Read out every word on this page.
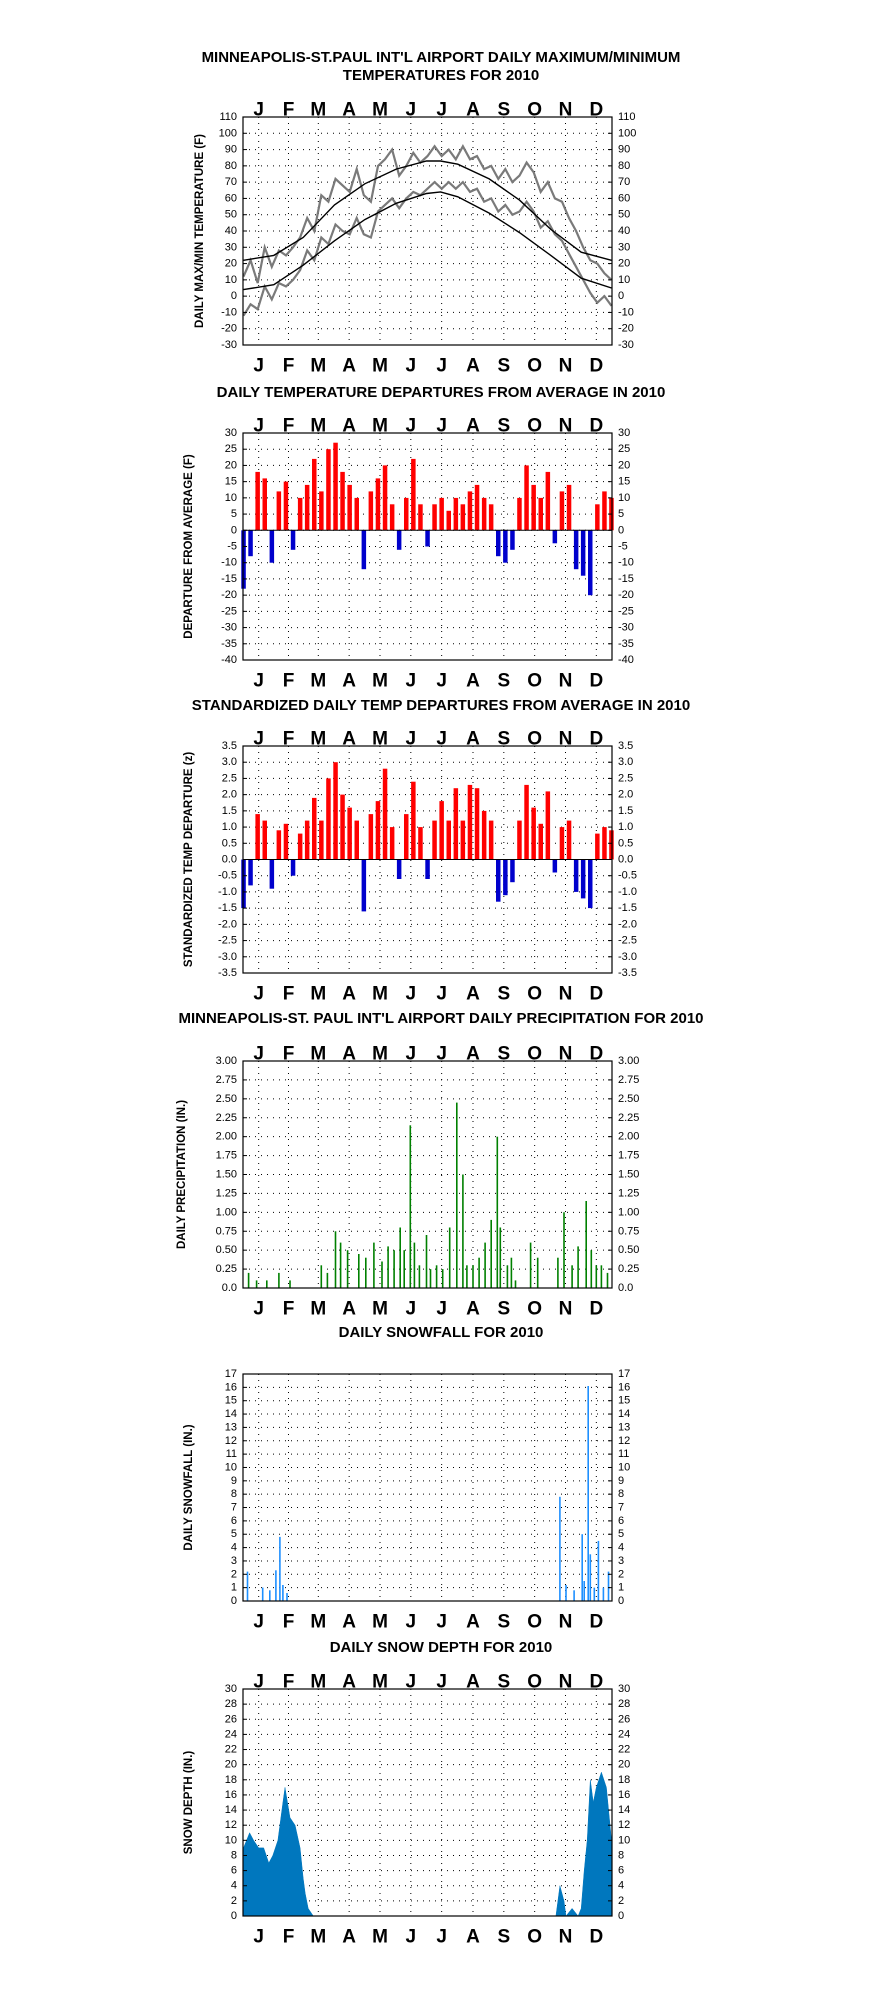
MINNEAPOLIS-ST.PAUL INT'L AIRPORT DAILY MAXIMUM/MINIMUM
TEMPERATURES FOR 2010
J F M A M J J A S O N D
J F M A M J J A S O N D
-30	-30
-20	-20
-10	-10
0	0
10	10
20	20
30	30
40	40
50	50
60	60
70	70
80	80
90	90
100	100
110	110
DAILY MAX/MIN TEMPERATURE (F)
DAILY TEMPERATURE DEPARTURES FROM AVERAGE IN 2010
J F M A M J J A S O N D
J F M A M J J A S O N D
-40	-40
-35	-35
-30	-30
-25	-25
-20	-20
-15	-15
-10	-10
-5	-5
0	0
5	5
10	10
15	15
20	20
25	25
30	30
DEPARTURE FROM AVERAGE (F)
STANDARDIZED DAILY TEMP DEPARTURES FROM AVERAGE IN 2010
J F M A M J J A S O N D
J F M A M J J A S O N D
-3.5	-3.5
-3.0	-3.0
-2.5	-2.5
-2.0	-2.0
-1.5	-1.5
-1.0	-1.0
-0.5	-0.5
0.0	0.0
0.5	0.5
1.0	1.0
1.5	1.5
2.0	2.0
2.5	2.5
3.0	3.0
3.5	3.5
STANDARDIZED TEMP DEPARTURE (z)
MINNEAPOLIS-ST. PAUL INT'L AIRPORT DAILY PRECIPITATION FOR 2010
J F M A M J J A S O N D
J F M A M J J A S O N D
0.0	0.0
0.25	0.25
0.50	0.50
0.75	0.75
1.00	1.00
1.25	1.25
1.50	1.50
1.75	1.75
2.00	2.00
2.25	2.25
2.50	2.50
2.75	2.75
3.00	3.00
DAILY PRECIPITATION (IN.)
DAILY SNOWFALL FOR 2010
J F M A M J J A S O N D
0	0
1	1
2	2
3	3
4	4
5	5
6	6
7	7
8	8
9	9
10	10
11	11
12	12
13	13
14	14
15	15
16	16
17	17
DAILY SNOWFALL (IN.)
DAILY SNOW DEPTH FOR 2010
J F M A M J J A S O N D
J F M A M J J A S O N D
0	0
2	2
4	4
6	6
8	8
10	10
12	12
14	14
16	16
18	18
20	20
22	22
24	24
26	26
28	28
30	30
SNOW DEPTH (IN.)
